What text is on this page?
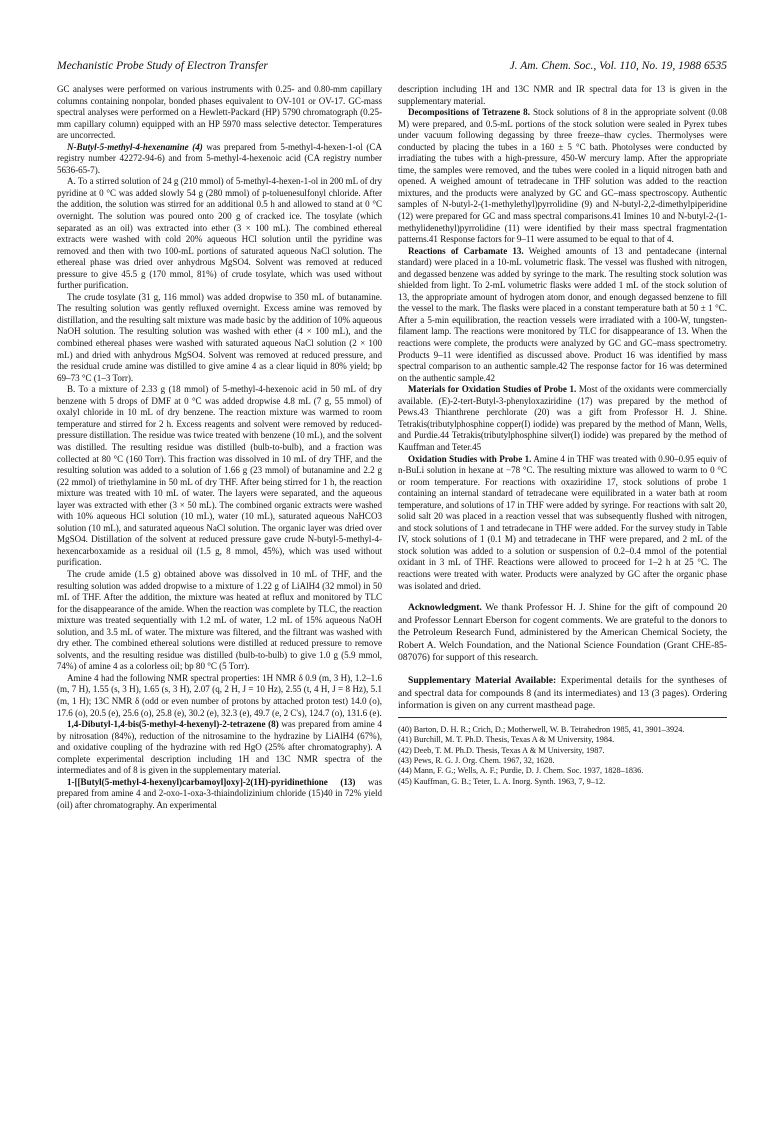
Mechanistic Probe Study of Electron Transfer	J. Am. Chem. Soc., Vol. 110, No. 19, 1988 6535

GC analyses were performed on various instruments with 0.25- and 0.80-mm capillary columns containing nonpolar, bonded phases equivalent to OV-101 or OV-17. GC-mass spectral analyses were performed on a Hewlett-Packard (HP) 5790 chromatograph (0.25-mm capillary column) equipped with an HP 5970 mass selective detector. Temperatures are uncorrected.

N-Butyl-5-methyl-4-hexenamine (4) was prepared from 5-methyl-4-hexen-1-ol (CA registry number 42272-94-6) and from 5-methyl-4-hexenoic acid (CA registry number 5636-65-7).

A. To a stirred solution of 24 g (210 mmol) of 5-methyl-4-hexen-1-ol in 200 mL of dry pyridine at 0 °C was added slowly 54 g (280 mmol) of p-toluenesulfonyl chloride. After the addition, the solution was stirred for an additional 0.5 h and allowed to stand at 0 °C overnight. The solution was poured onto 200 g of cracked ice. The tosylate (which separated as an oil) was extracted into ether (3 × 100 mL). The combined ethereal extracts were washed with cold 20% aqueous HCl solution until the pyridine was removed and then with two 100-mL portions of saturated aqueous NaCl solution. The ethereal phase was dried over anhydrous MgSO4. Solvent was removed at reduced pressure to give 45.5 g (170 mmol, 81%) of crude tosylate, which was used without further purification.

The crude tosylate (31 g, 116 mmol) was added dropwise to 350 mL of butanamine. The resulting solution was gently refluxed overnight. Excess amine was removed by distillation, and the resulting salt mixture was made basic by the addition of 10% aqueous NaOH solution. The resulting solution was washed with ether (4 × 100 mL), and the combined ethereal phases were washed with saturated aqueous NaCl solution (2 × 100 mL) and dried with anhydrous MgSO4. Solvent was removed at reduced pressure, and the residual crude amine was distilled to give amine 4 as a clear liquid in 80% yield; bp 69–73 °C (1–3 Torr).

B. To a mixture of 2.33 g (18 mmol) of 5-methyl-4-hexenoic acid in 50 mL of dry benzene with 5 drops of DMF at 0 °C was added dropwise 4.8 mL (7 g, 55 mmol) of oxalyl chloride in 10 mL of dry benzene. The reaction mixture was warmed to room temperature and stirred for 2 h. Excess reagents and solvent were removed by reduced-pressure distillation. The residue was twice treated with benzene (10 mL), and the solvent was distilled. The resulting residue was distilled (bulb-to-bulb), and a fraction was collected at 80 °C (160 Torr). This fraction was dissolved in 10 mL of dry THF, and the resulting solution was added to a solution of 1.66 g (23 mmol) of butanamine and 2.2 g (22 mmol) of triethylamine in 50 mL of dry THF. After being stirred for 1 h, the reaction mixture was treated with 10 mL of water. The layers were separated, and the aqueous layer was extracted with ether (3 × 50 mL). The combined organic extracts were washed with 10% aqueous HCl solution (10 mL), water (10 mL), saturated aqueous NaHCO3 solution (10 mL), and saturated aqueous NaCl solution. The organic layer was dried over MgSO4. Distillation of the solvent at reduced pressure gave crude N-butyl-5-methyl-4-hexencarboxamide as a residual oil (1.5 g, 8 mmol, 45%), which was used without purification.

The crude amide (1.5 g) obtained above was dissolved in 10 mL of THF, and the resulting solution was added dropwise to a mixture of 1.22 g of LiAlH4 (32 mmol) in 50 mL of THF. After the addition, the mixture was heated at reflux and monitored by TLC for the disappearance of the amide. When the reaction was complete by TLC, the reaction mixture was treated sequentially with 1.2 mL of water, 1.2 mL of 15% aqueous NaOH solution, and 3.5 mL of water. The mixture was filtered, and the filtrant was washed with dry ether. The combined ethereal solutions were distilled at reduced pressure to remove solvents, and the resulting residue was distilled (bulb-to-bulb) to give 1.0 g (5.9 mmol, 74%) of amine 4 as a colorless oil; bp 80 °C (5 Torr).

Amine 4 had the following NMR spectral properties: 1H NMR δ 0.9 (m, 3 H), 1.2–1.6 (m, 7 H), 1.55 (s, 3 H), 1.65 (s, 3 H), 2.07 (q, 2 H, J = 10 Hz), 2.55 (t, 4 H, J = 8 Hz), 5.1 (m, 1 H); 13C NMR δ (odd or even number of protons by attached proton test) 14.0 (o), 17.6 (o), 20.5 (e), 25.6 (o), 25.8 (e), 30.2 (e), 32.3 (e), 49.7 (e, 2 C's), 124.7 (o), 131.6 (e).

1,4-Dibutyl-1,4-bis(5-methyl-4-hexenyl)-2-tetrazene (8) was prepared from amine 4 by nitrosation (84%), reduction of the nitrosamine to the hydrazine by LiAlH4 (67%), and oxidative coupling of the hydrazine with red HgO (25% after chromatography). A complete experimental description including 1H and 13C NMR spectra of the intermediates and of 8 is given in the supplementary material.

1-[[Butyl(5-methyl-4-hexenyl)carbamoyl]oxy]-2(1H)-pyridinethione (13) was prepared from amine 4 and 2-oxo-1-oxa-3-thiaindolizinium chloride (15)40 in 72% yield (oil) after chromatography. An experimental

description including 1H and 13C NMR and IR spectral data for 13 is given in the supplementary material.

Decompositions of Tetrazene 8. Stock solutions of 8 in the appropriate solvent (0.08 M) were prepared, and 0.5-mL portions of the stock solution were sealed in Pyrex tubes under vacuum following degassing by three freeze–thaw cycles. Thermolyses were conducted by placing the tubes in a 160 ± 5 °C bath. Photolyses were conducted by irradiating the tubes with a high-pressure, 450-W mercury lamp. After the appropriate time, the samples were removed, and the tubes were cooled in a liquid nitrogen bath and opened. A weighed amount of tetradecane in THF solution was added to the reaction mixtures, and the products were analyzed by GC and GC–mass spectroscopy. Authentic samples of N-butyl-2-(1-methylethyl)pyrrolidine (9) and N-butyl-2,2-dimethylpiperidine (12) were prepared for GC and mass spectral comparisons.41 Imines 10 and N-butyl-2-(1-methylidenethyl)pyrrolidine (11) were identified by their mass spectral fragmentation patterns.41 Response factors for 9–11 were assumed to be equal to that of 4.

Reactions of Carbamate 13. Weighed amounts of 13 and pentadecane (internal standard) were placed in a 10-mL volumetric flask. The vessel was flushed with nitrogen, and degassed benzene was added by syringe to the mark. The resulting stock solution was shielded from light. To 2-mL volumetric flasks were added 1 mL of the stock solution of 13, the appropriate amount of hydrogen atom donor, and enough degassed benzene to fill the vessel to the mark. The flasks were placed in a constant temperature bath at 50 ± 1 °C. After a 5-min equilibration, the reaction vessels were irradiated with a 100-W, tungsten-filament lamp. The reactions were monitored by TLC for disappearance of 13. When the reactions were complete, the products were analyzed by GC and GC–mass spectrometry. Products 9–11 were identified as discussed above. Product 16 was identified by mass spectral comparison to an authentic sample.42 The response factor for 16 was determined on the authentic sample.42

Materials for Oxidation Studies of Probe 1. Most of the oxidants were commercially available. (E)-2-tert-Butyl-3-phenyloxaziridine (17) was prepared by the method of Pews.43 Thianthrene perchlorate (20) was a gift from Professor H. J. Shine. Tetrakis(tributylphosphine copper(I) iodide) was prepared by the method of Mann, Wells, and Purdie.44 Tetrakis(tributylphosphine silver(I) iodide) was prepared by the method of Kauffman and Teter.45

Oxidation Studies with Probe 1. Amine 4 in THF was treated with 0.90–0.95 equiv of n-BuLi solution in hexane at −78 °C. The resulting mixture was allowed to warm to 0 °C or room temperature. For reactions with oxaziridine 17, stock solutions of probe 1 containing an internal standard of tetradecane were equilibrated in a water bath at room temperature, and solutions of 17 in THF were added by syringe. For reactions with salt 20, solid salt 20 was placed in a reaction vessel that was subsequently flushed with nitrogen, and stock solutions of 1 and tetradecane in THF were added. For the survey study in Table IV, stock solutions of 1 (0.1 M) and tetradecane in THF were prepared, and 2 mL of the stock solution was added to a solution or suspension of 0.2–0.4 mmol of the potential oxidant in 3 mL of THF. Reactions were allowed to proceed for 1–2 h at 25 °C. The reactions were treated with water. Products were analyzed by GC after the organic phase was isolated and dried.

Acknowledgment. We thank Professor H. J. Shine for the gift of compound 20 and Professor Lennart Eberson for cogent comments. We are grateful to the donors to the Petroleum Research Fund, administered by the American Chemical Society, the Robert A. Welch Foundation, and the National Science Foundation (Grant CHE-85-087076) for support of this research.

Supplementary Material Available: Experimental details for the syntheses of and spectral data for compounds 8 (and its intermediates) and 13 (3 pages). Ordering information is given on any current masthead page.

(40) Barton, D. H. R.; Crich, D.; Motherwell, W. B. Tetrahedron 1985, 41, 3901–3924.
(41) Burchill, M. T. Ph.D. Thesis, Texas A & M University, 1984.
(42) Deeb, T. M. Ph.D. Thesis, Texas A & M University, 1987.
(43) Pews, R. G. J. Org. Chem. 1967, 32, 1628.
(44) Mann, F. G.; Wells, A. F.; Purdie, D. J. Chem. Soc. 1937, 1828–1836.
(45) Kauffman, G. B.; Teter, L. A. Inorg. Synth. 1963, 7, 9–12.
